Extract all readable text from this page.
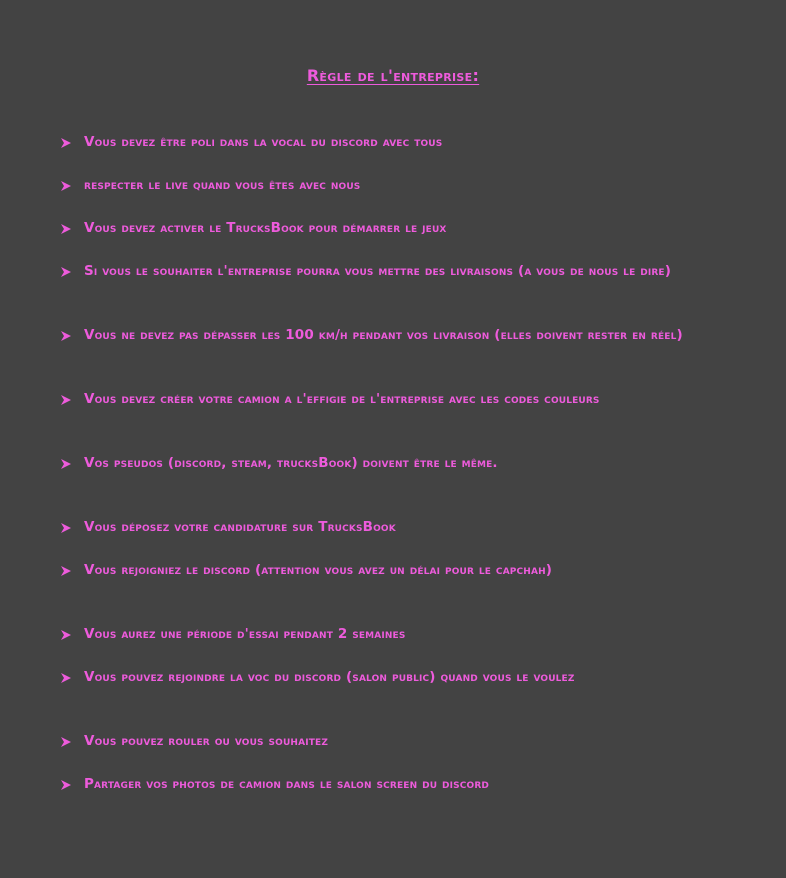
Règle de l'entreprise:
Vous devez être poli dans la vocal du discord avec tous
respecter le live quand vous êtes avec nous
Vous devez activer le TrucksBook pour démarrer le jeux
Si vous le souhaiter l'entreprise pourra vous mettre des livraisons (a vous de nous le dire)
Vous ne devez pas dépasser les 100 km/h pendant vos livraison (elles doivent rester en réel)
Vous devez créer votre camion a l'effigie de l'entreprise avec les codes couleurs
Vos pseudos (discord, steam, trucksBook) doivent être le même.
Vous déposez votre candidature sur TrucksBook
Vous rejoigniez le discord (attention vous avez un délai pour le capchah)
Vous aurez une période d'essai pendant 2 semaines
Vous pouvez rejoindre la voc du discord (salon public) quand vous le voulez
Vous pouvez rouler ou vous souhaitez
Partager vos photos de camion dans le salon screen du discord
